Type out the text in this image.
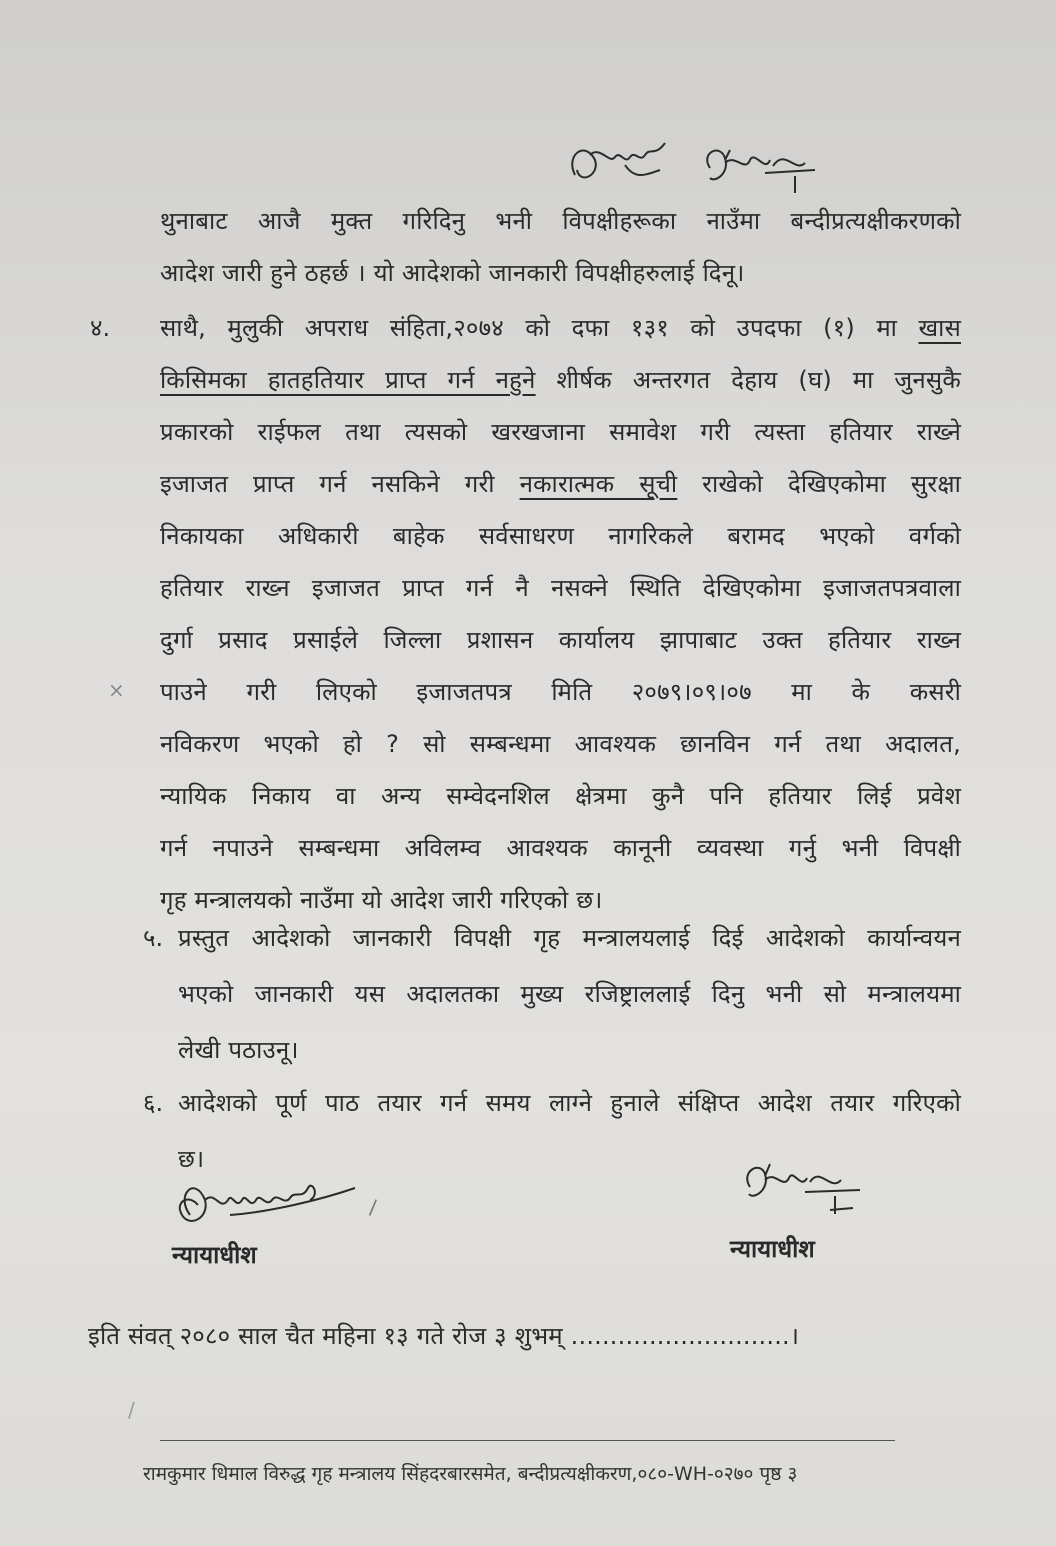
थुनाबाट आजै मुक्त गरिदिनु भनी विपक्षीहरूका नाउँमा बन्दीप्रत्यक्षीकरणको
आदेश जारी हुने ठहर्छ । यो आदेशको जानकारी विपक्षीहरुलाई दिनू।
४. साथै, मुलुकी अपराध संहिता,२०७४ को दफा १३१ को उपदफा (१) मा खास
किसिमका हातहतियार प्राप्त गर्न नहुने शीर्षक अन्तरगत देहाय (घ) मा जुनसुकै
प्रकारको राईफल तथा त्यसको खरखजाना समावेश गरी त्यस्ता हतियार राख्ने
इजाजत प्राप्त गर्न नसकिने गरी नकारात्मक सूची राखेको देखिएकोमा सुरक्षा
निकायका अधिकारी बाहेक सर्वसाधरण नागरिकले बरामद भएको वर्गको
हतियार राख्न इजाजत प्राप्त गर्न नै नसक्ने स्थिति देखिएकोमा इजाजतपत्रवाला
दुर्गा प्रसाद प्रसाईले जिल्ला प्रशासन कार्यालय झापाबाट उक्त हतियार राख्न
पाउने गरी लिएको इजाजतपत्र मिति २०७९।०९।०७ मा के कसरी
नविकरण भएको हो ? सो सम्बन्धमा आवश्यक छानविन गर्न तथा अदालत,
न्यायिक निकाय वा अन्य सम्वेदनशिल क्षेत्रमा कुनै पनि हतियार लिई प्रवेश
गर्न नपाउने सम्बन्धमा अविलम्व आवश्यक कानूनी व्यवस्था गर्नु भनी विपक्षी
गृह मन्त्रालयको नाउँमा यो आदेश जारी गरिएको छ।
×
५. प्रस्तुत आदेशको जानकारी विपक्षी गृह मन्त्रालयलाई दिई आदेशको कार्यान्वयन
भएको जानकारी यस अदालतका मुख्य रजिष्ट्राललाई दिनु भनी सो मन्त्रालयमा
लेखी पठाउनू।
६. आदेशको पूर्ण पाठ तयार गर्न समय लाग्ने हुनाले संक्षिप्त आदेश तयार गरिएको
छ।
न्यायाधीश	न्यायाधीश
\
इति संवत् २०८० साल चैत महिना १३ गते रोज ३ शुभम् ............................।
/
रामकुमार धिमाल विरुद्ध गृह मन्त्रालय सिंहदरबारसमेत, बन्दीप्रत्यक्षीकरण,०८०-WH-०२७० पृष्ठ ३
